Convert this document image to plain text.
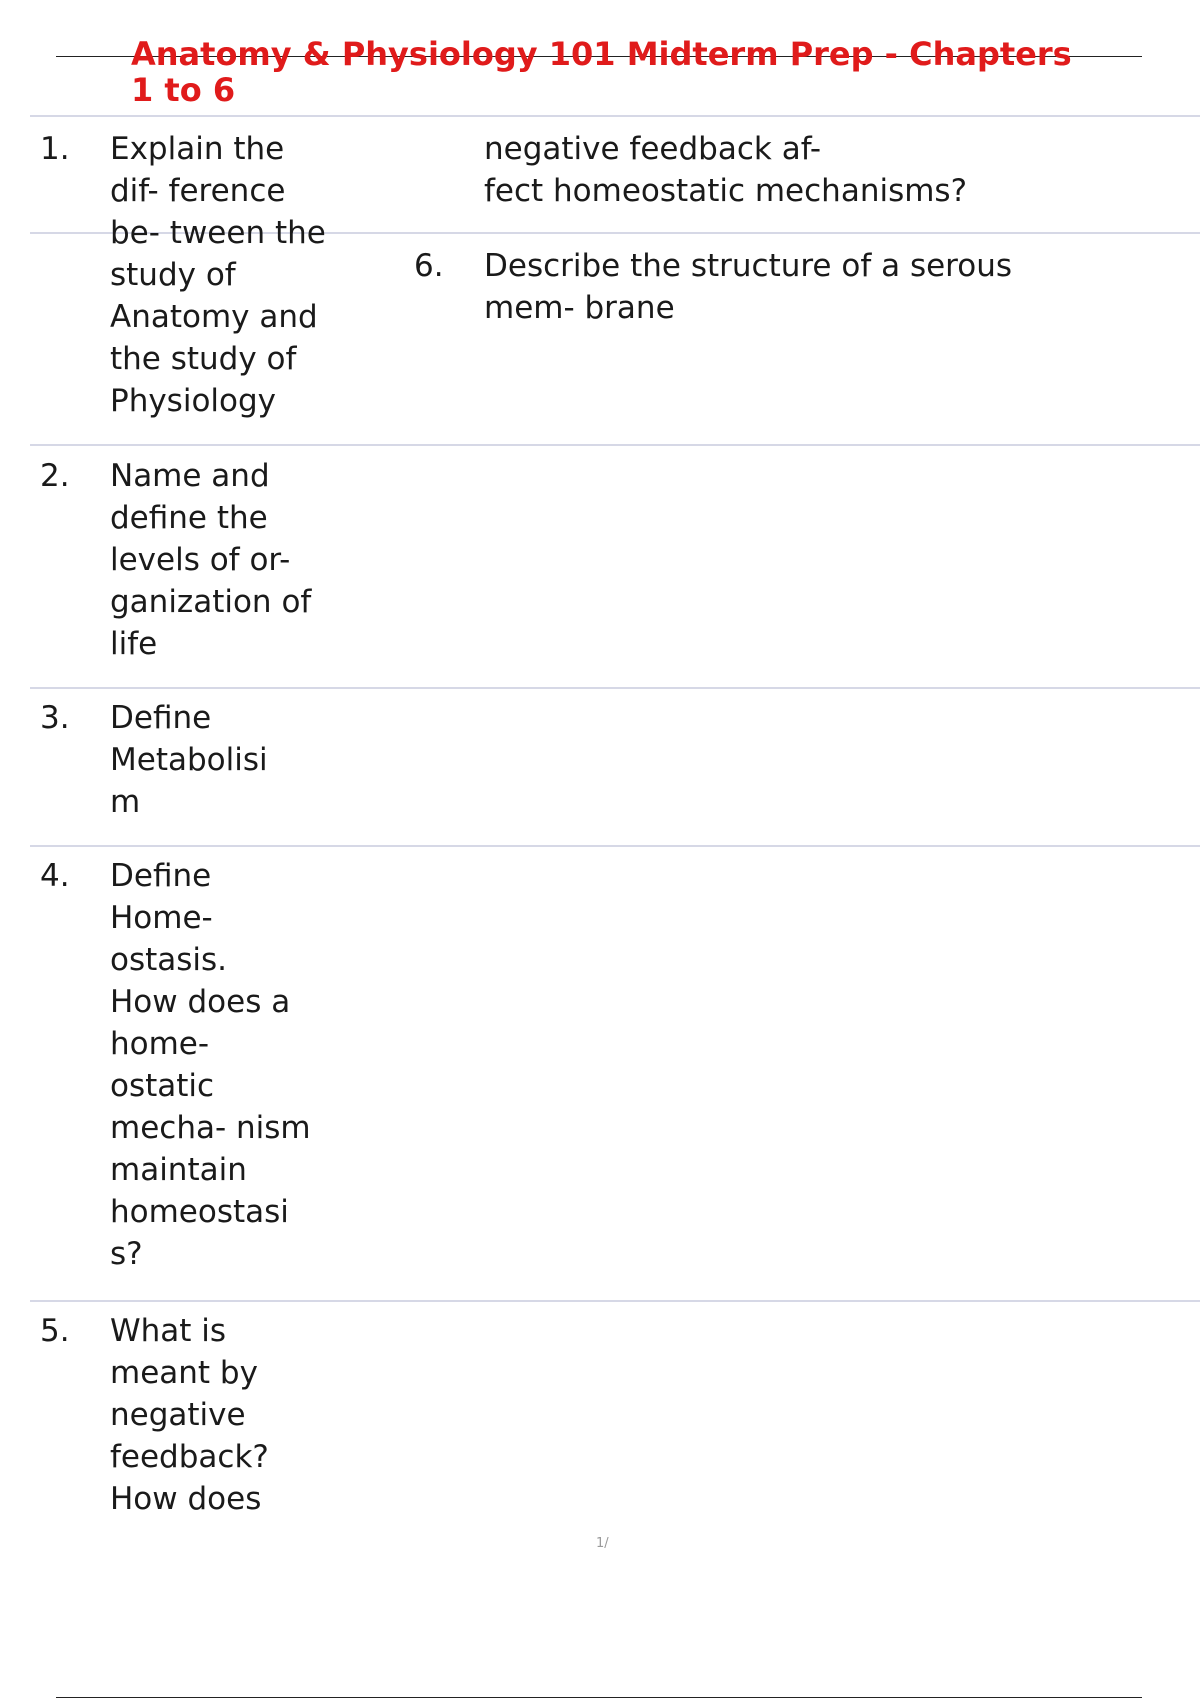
Anatomy & Physiology 101 Midterm Prep - Chapters 1 to 6
1. Explain the
dif- ference
be- tween the
study of
Anatomy and
the study of
Physiology

2. Name and
define the
levels of or-
ganization of
life

3. Define
Metabolisi
m

4. Define
Home-
ostasis.
How does a
home-
ostatic
mecha- nism
maintain
homeostasi
s?

5. What is
meant by
negative
feedback?
How does

negative feedback af-
fect homeostatic mechanisms?

6. Describe the structure of a serous
mem- brane

1/
